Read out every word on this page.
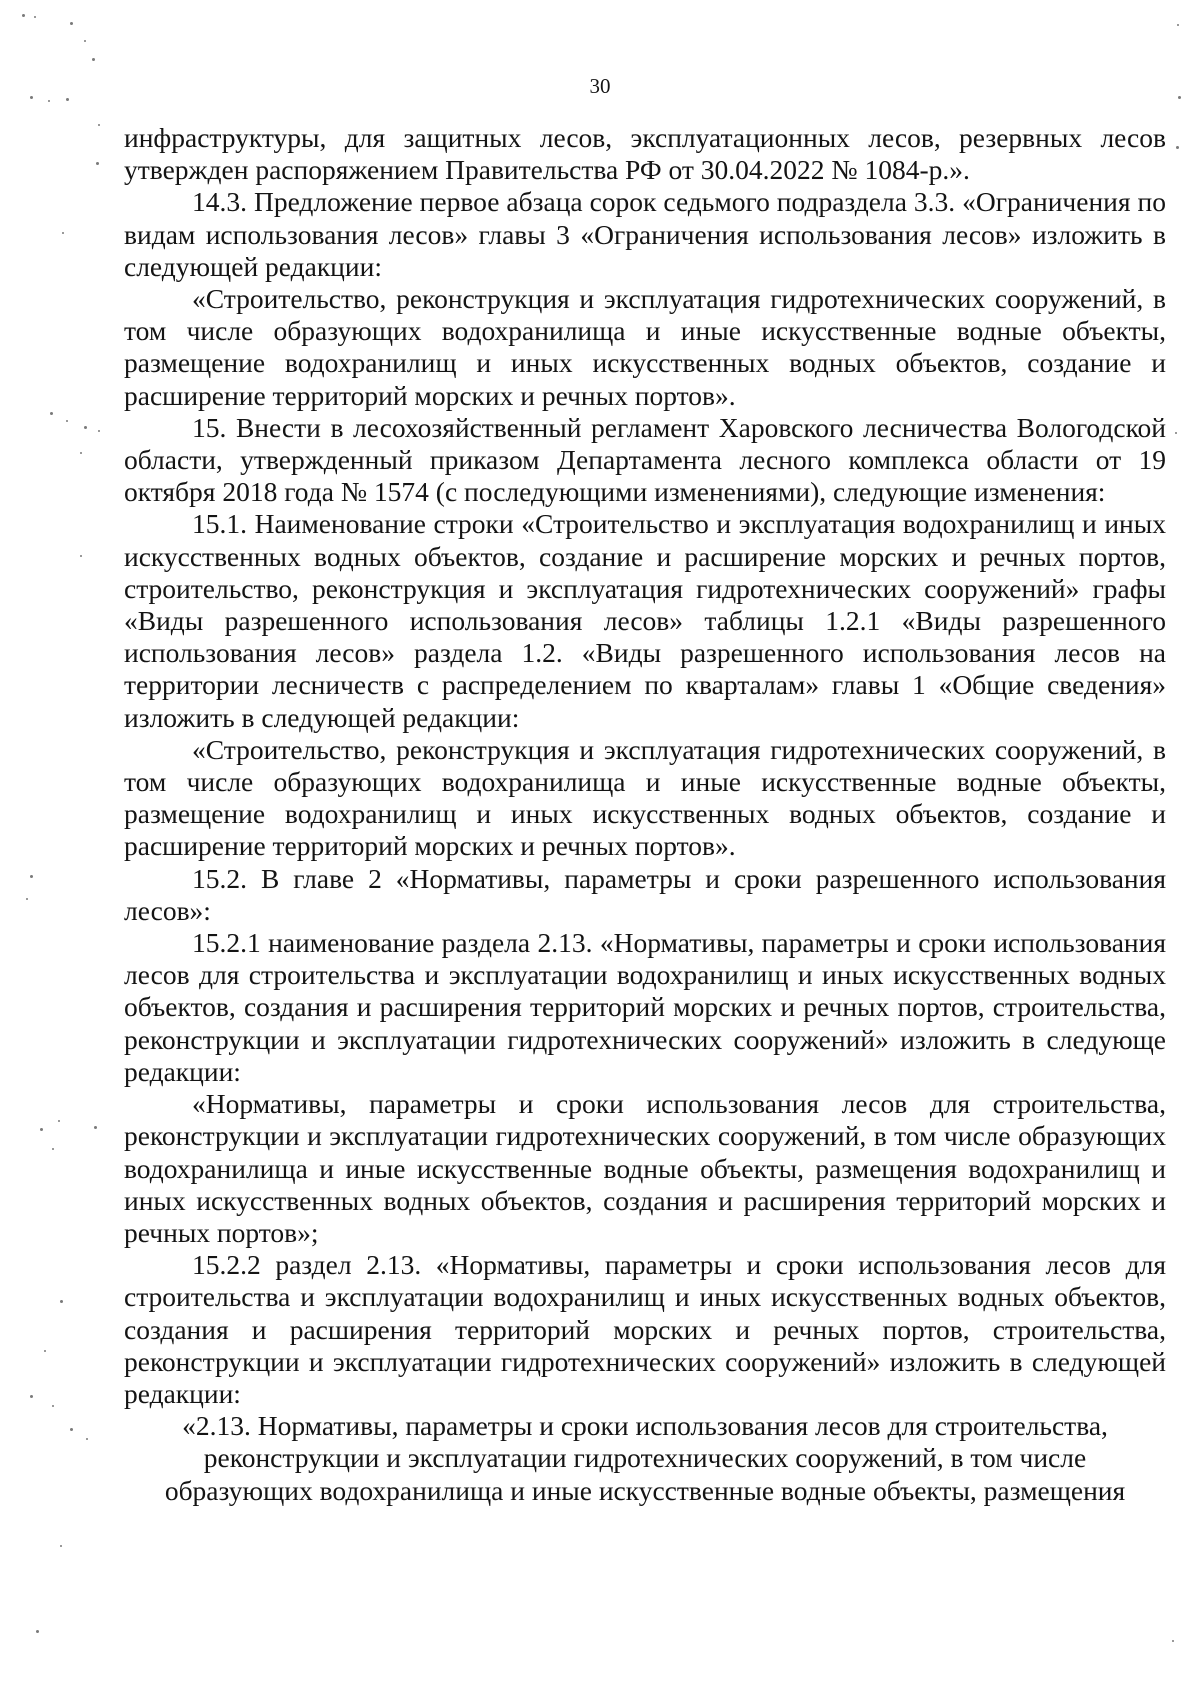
30

инфраструктуры, для защитных лесов, эксплуатационных лесов, резервных лесов утвержден распоряжением Правительства РФ от 30.04.2022 № 1084-р.».

14.3. Предложение первое абзаца сорок седьмого подраздела 3.3. «Ограничения по видам использования лесов» главы 3 «Ограничения использования лесов» изложить в следующей редакции:

«Строительство, реконструкция и эксплуатация гидротехнических сооружений, в том числе образующих водохранилища и иные искусственные водные объекты, размещение водохранилищ и иных искусственных водных объектов, создание и расширение территорий морских и речных портов».

15. Внести в лесохозяйственный регламент Харовского лесничества Вологодской области, утвержденный приказом Департамента лесного комплекса области от 19 октября 2018 года № 1574 (с последующими изменениями), следующие изменения:

15.1. Наименование строки «Строительство и эксплуатация водохранилищ и иных искусственных водных объектов, создание и расширение морских и речных портов, строительство, реконструкция и эксплуатация гидротехнических сооружений» графы «Виды разрешенного использования лесов» таблицы 1.2.1 «Виды разрешенного использования лесов» раздела 1.2. «Виды разрешенного использования лесов на территории лесничеств с распределением по кварталам» главы 1 «Общие сведения» изложить в следующей редакции:

«Строительство, реконструкция и эксплуатация гидротехнических сооружений, в том числе образующих водохранилища и иные искусственные водные объекты, размещение водохранилищ и иных искусственных водных объектов, создание и расширение территорий морских и речных портов».

15.2. В главе 2 «Нормативы, параметры и сроки разрешенного использования лесов»:

15.2.1 наименование раздела 2.13. «Нормативы, параметры и сроки использования лесов для строительства и эксплуатации водохранилищ и иных искусственных водных объектов, создания и расширения территорий морских и речных портов, строительства, реконструкции и эксплуатации гидротехнических сооружений» изложить в следующе редакции:

«Нормативы, параметры и сроки использования лесов для строительства, реконструкции и эксплуатации гидротехнических сооружений, в том числе образующих водохранилища и иные искусственные водные объекты, размещения водохранилищ и иных искусственных водных объектов, создания и расширения территорий морских и речных портов»;

15.2.2 раздел 2.13. «Нормативы, параметры и сроки использования лесов для строительства и эксплуатации водохранилищ и иных искусственных водных объектов, создания и расширения территорий морских и речных портов, строительства, реконструкции и эксплуатации гидротехнических сооружений» изложить в следующей редакции:

«2.13. Нормативы, параметры и сроки использования лесов для строительства,

реконструкции и эксплуатации гидротехнических сооружений, в том числе

образующих водохранилища и иные искусственные водные объекты, размещения
